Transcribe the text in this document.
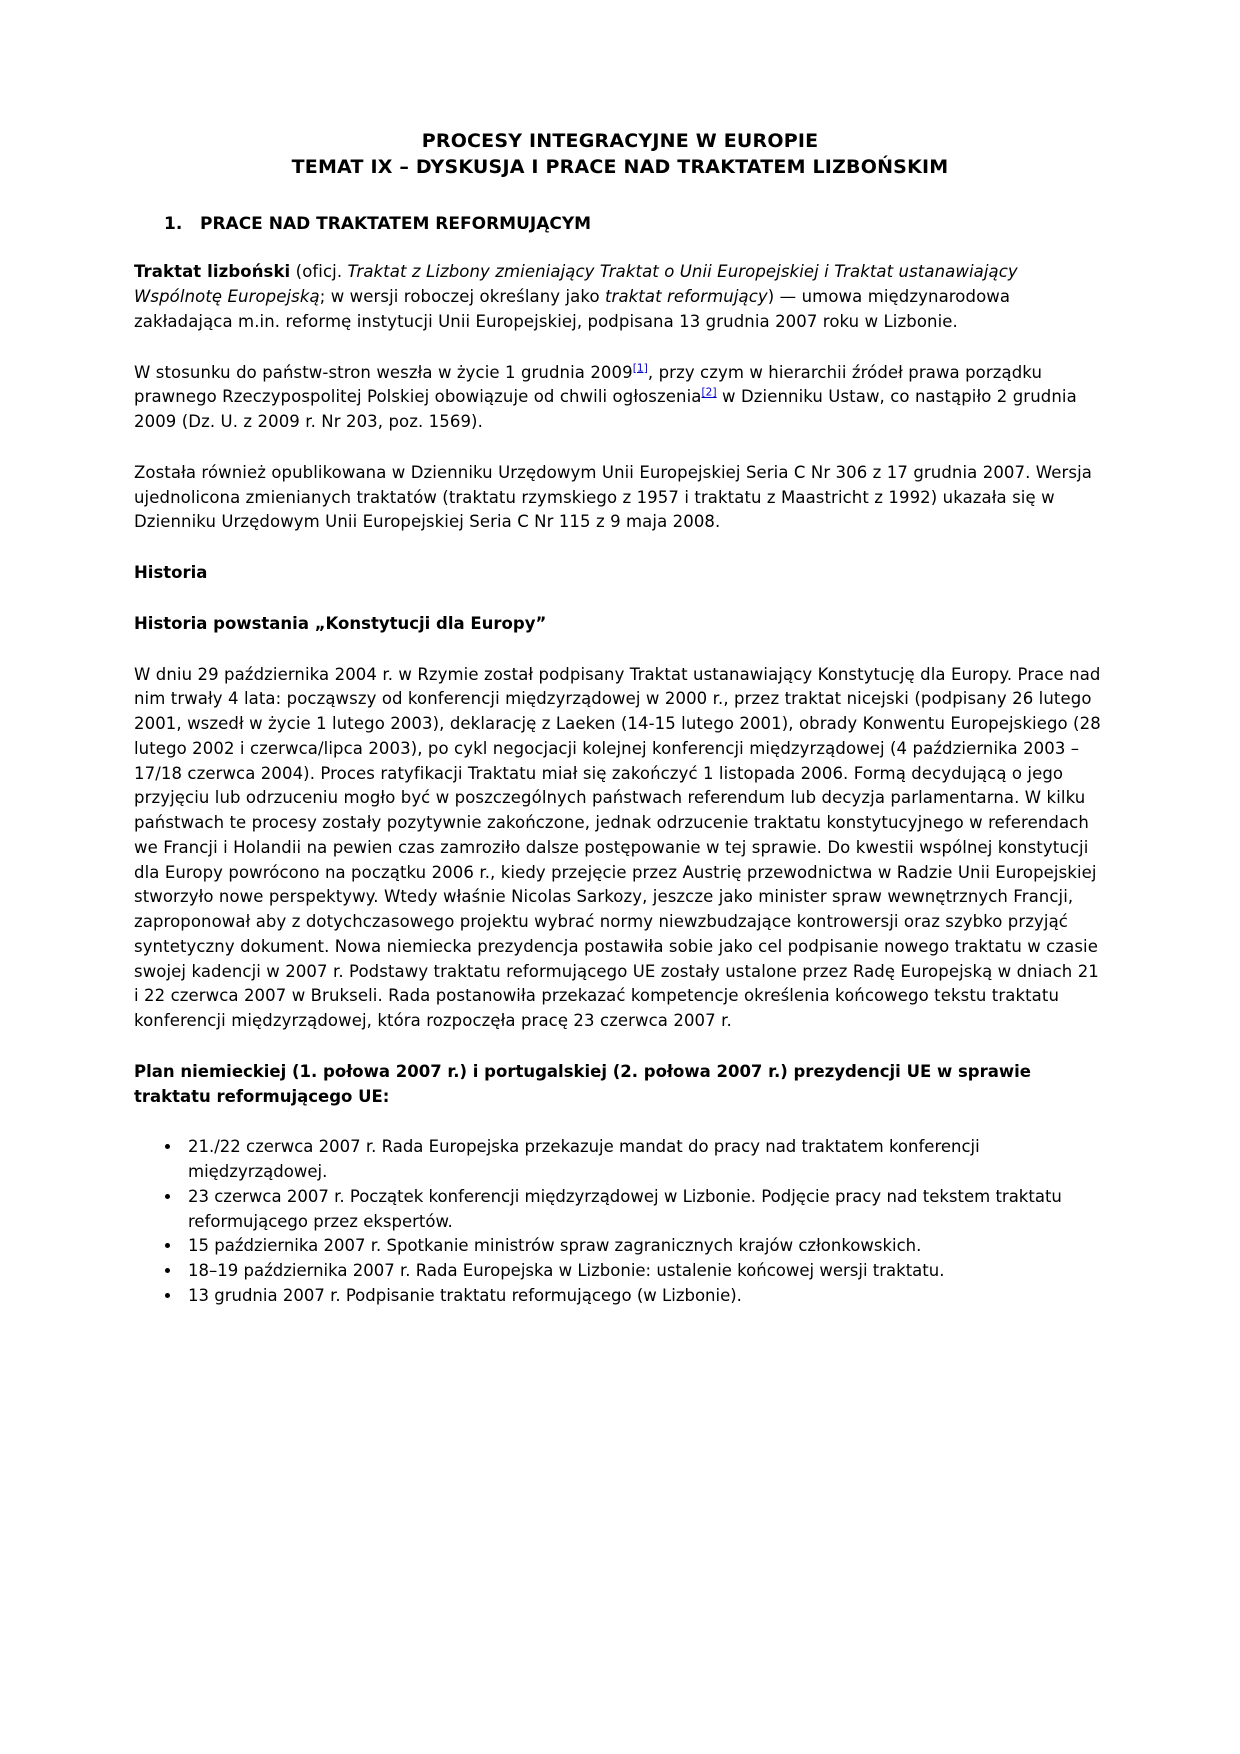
PROCESY INTEGRACYJNE W EUROPIE
TEMAT IX – DYSKUSJA I PRACE NAD TRAKTATEM LIZBOŃSKIM
1.	PRACE NAD TRAKTATEM REFORMUJĄCYM

Traktat lizboński (oficj. Traktat z Lizbony zmieniający Traktat o Unii Europejskiej i Traktat ustanawiający Wspólnotę Europejską; w wersji roboczej określany jako traktat reformujący) — umowa międzynarodowa zakładająca m.in. reformę instytucji Unii Europejskiej, podpisana 13 grudnia 2007 roku w Lizbonie.

W stosunku do państw-stron weszła w życie 1 grudnia 2009[1], przy czym w hierarchii źródeł prawa porządku prawnego Rzeczypospolitej Polskiej obowiązuje od chwili ogłoszenia[2] w Dzienniku Ustaw, co nastąpiło 2 grudnia 2009 (Dz. U. z 2009 r. Nr 203, poz. 1569).

Została również opublikowana w Dzienniku Urzędowym Unii Europejskiej Seria C Nr 306 z 17 grudnia 2007. Wersja ujednolicona zmienianych traktatów (traktatu rzymskiego z 1957 i traktatu z Maastricht z 1992) ukazała się w Dzienniku Urzędowym Unii Europejskiej Seria C Nr 115 z 9 maja 2008.

Historia

Historia powstania „Konstytucji dla Europy”

W dniu 29 października 2004 r. w Rzymie został podpisany Traktat ustanawiający Konstytucję dla Europy. Prace nad nim trwały 4 lata: począwszy od konferencji międzyrządowej w 2000 r., przez traktat nicejski (podpisany 26 lutego 2001, wszedł w życie 1 lutego 2003), deklarację z Laeken (14-15 lutego 2001), obrady Konwentu Europejskiego (28 lutego 2002 i czerwca/lipca 2003), po cykl negocjacji kolejnej konferencji międzyrządowej (4 października 2003 – 17/18 czerwca 2004). Proces ratyfikacji Traktatu miał się zakończyć 1 listopada 2006. Formą decydującą o jego przyjęciu lub odrzuceniu mogło być w poszczególnych państwach referendum lub decyzja parlamentarna. W kilku państwach te procesy zostały pozytywnie zakończone, jednak odrzucenie traktatu konstytucyjnego w referendach we Francji i Holandii na pewien czas zamroziło dalsze postępowanie w tej sprawie. Do kwestii wspólnej konstytucji dla Europy powrócono na początku 2006 r., kiedy przejęcie przez Austrię przewodnictwa w Radzie Unii Europejskiej stworzyło nowe perspektywy. Wtedy właśnie Nicolas Sarkozy, jeszcze jako minister spraw wewnętrznych Francji, zaproponował aby z dotychczasowego projektu wybrać normy niewzbudzające kontrowersji oraz szybko przyjąć syntetyczny dokument. Nowa niemiecka prezydencja postawiła sobie jako cel podpisanie nowego traktatu w czasie swojej kadencji w 2007 r. Podstawy traktatu reformującego UE zostały ustalone przez Radę Europejską w dniach 21 i 22 czerwca 2007 w Brukseli. Rada postanowiła przekazać kompetencje określenia końcowego tekstu traktatu konferencji międzyrządowej, która rozpoczęła pracę 23 czerwca 2007 r.

Plan niemieckiej (1. połowa 2007 r.) i portugalskiej (2. połowa 2007 r.) prezydencji UE w sprawie traktatu reformującego UE:

• 21./22 czerwca 2007 r. Rada Europejska przekazuje mandat do pracy nad traktatem konferencji międzyrządowej.
• 23 czerwca 2007 r. Początek konferencji międzyrządowej w Lizbonie. Podjęcie pracy nad tekstem traktatu reformującego przez ekspertów.
• 15 października 2007 r. Spotkanie ministrów spraw zagranicznych krajów członkowskich.
• 18–19 października 2007 r. Rada Europejska w Lizbonie: ustalenie końcowej wersji traktatu.
• 13 grudnia 2007 r. Podpisanie traktatu reformującego (w Lizbonie).
